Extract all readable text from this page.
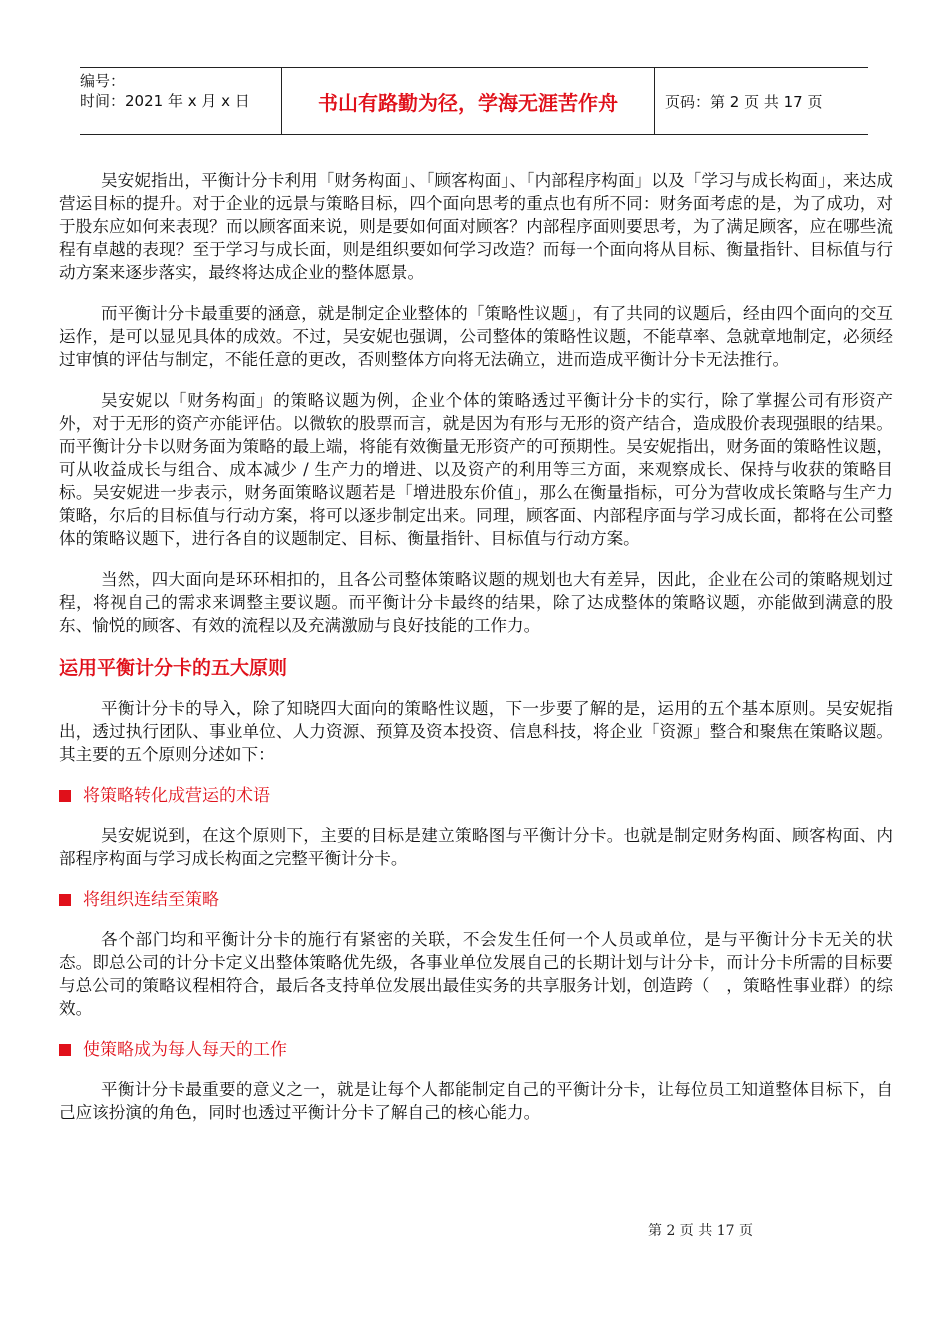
编号：
时间：2021 年 x 月 x 日	书山有路勤为径，学海无涯苦作舟	页码：第 2 页 共 17 页

吴安妮指出，平衡计分卡利用「财务构面」、「顾客构面」、「内部程序构面」以及「学习与成长构面」，来达成营运目标的提升。对于企业的远景与策略目标，四个面向思考的重点也有所不同：财务面考虑的是，为了成功，对于股东应如何来表现？而以顾客面来说，则是要如何面对顾客？内部程序面则要思考，为了满足顾客，应在哪些流程有卓越的表现？至于学习与成长面，则是组织要如何学习改造？而每一个面向将从目标、衡量指针、目标值与行动方案来逐步落实，最终将达成企业的整体愿景。

而平衡计分卡最重要的涵意，就是制定企业整体的「策略性议题」，有了共同的议题后，经由四个面向的交互运作，是可以显见具体的成效。不过，吴安妮也强调，公司整体的策略性议题，不能草率、急就章地制定，必须经过审慎的评估与制定，不能任意的更改，否则整体方向将无法确立，进而造成平衡计分卡无法推行。

吴安妮以「财务构面」的策略议题为例，企业个体的策略透过平衡计分卡的实行，除了掌握公司有形资产外，对于无形的资产亦能评估。以微软的股票而言，就是因为有形与无形的资产结合，造成股价表现强眼的结果。而平衡计分卡以财务面为策略的最上端，将能有效衡量无形资产的可预期性。吴安妮指出，财务面的策略性议题，可从收益成长与组合、成本减少 / 生产力的增进、以及资产的利用等三方面，来观察成长、保持与收获的策略目标。吴安妮进一步表示，财务面策略议题若是「增进股东价值」，那么在衡量指标，可分为营收成长策略与生产力策略，尔后的目标值与行动方案，将可以逐步制定出来。同理，顾客面、内部程序面与学习成长面，都将在公司整体的策略议题下，进行各自的议题制定、目标、衡量指针、目标值与行动方案。

当然，四大面向是环环相扣的，且各公司整体策略议题的规划也大有差异，因此，企业在公司的策略规划过程，将视自己的需求来调整主要议题。而平衡计分卡最终的结果，除了达成整体的策略议题，亦能做到满意的股东、愉悦的顾客、有效的流程以及充满激励与良好技能的工作力。

运用平衡计分卡的五大原则

平衡计分卡的导入，除了知晓四大面向的策略性议题，下一步要了解的是，运用的五个基本原则。吴安妮指出，透过执行团队、事业单位、人力资源、预算及资本投资、信息科技，将企业「资源」整合和聚焦在策略议题。其主要的五个原则分述如下：

将策略转化成营运的术语

吴安妮说到，在这个原则下，主要的目标是建立策略图与平衡计分卡。也就是制定财务构面、顾客构面、内部程序构面与学习成长构面之完整平衡计分卡。

将组织连结至策略

各个部门均和平衡计分卡的施行有紧密的关联，不会发生任何一个人员或单位，是与平衡计分卡无关的状态。即总公司的计分卡定义出整体策略优先级，各事业单位发展自己的长期计划与计分卡，而计分卡所需的目标要与总公司的策略议程相符合，最后各支持单位发展出最佳实务的共享服务计划，创造跨（　，策略性事业群）的综效。

使策略成为每人每天的工作

平衡计分卡最重要的意义之一，就是让每个人都能制定自己的平衡计分卡，让每位员工知道整体目标下，自己应该扮演的角色，同时也透过平衡计分卡了解自己的核心能力。

第 2 页 共 17 页
